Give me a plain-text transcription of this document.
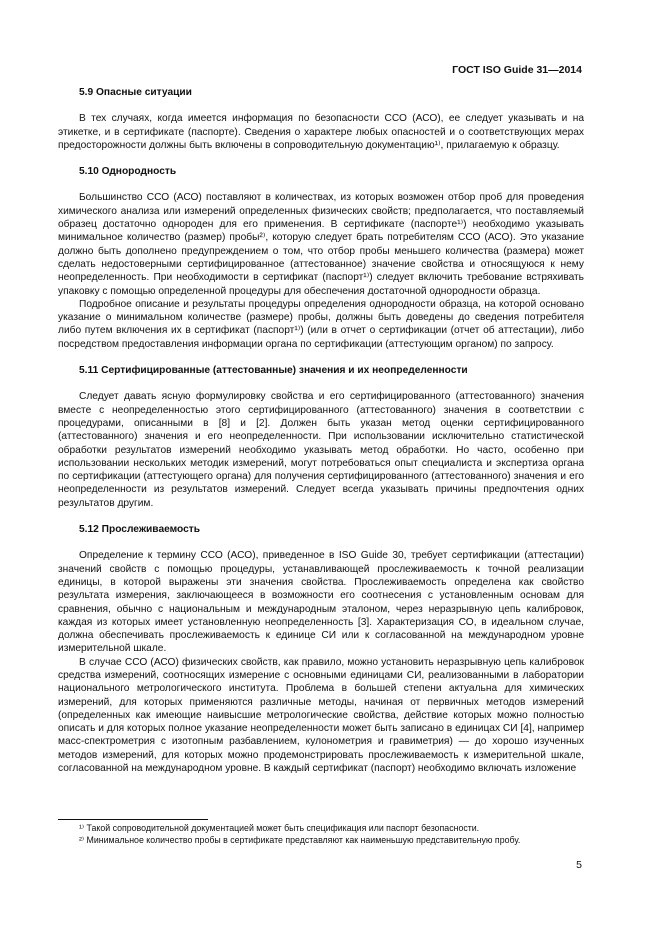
ГОСТ ISO Guide 31—2014
5.9 Опасные ситуации

В тех случаях, когда имеется информация по безопасности ССО (АСО), ее следует указывать и на этикетке, и в сертификате (паспорте). Сведения о характере любых опасностей и о соответствующих мерах предосторожности должны быть включены в сопроводительную документацию¹⁾, прилагаемую к образцу.

5.10 Однородность

Большинство ССО (АСО) поставляют в количествах, из которых возможен отбор проб для проведения химического анализа или измерений определенных физических свойств; предполагается, что поставляемый образец достаточно однороден для его применения. В сертификате (паспорте¹⁾) необходимо указывать минимальное количество (размер) пробы²⁾, которую следует брать потребителям ССО (АСО). Это указание должно быть дополнено предупреждением о том, что отбор пробы меньшего количества (размера) может сделать недостоверными сертифицированное (аттестованное) значение свойства и относящуюся к нему неопределенность. При необходимости в сертификат (паспорт¹⁾) следует включить требование встряхивать упаковку с помощью определенной процедуры для обеспечения достаточной однородности образца.

Подробное описание и результаты процедуры определения однородности образца, на которой основано указание о минимальном количестве (размере) пробы, должны быть доведены до сведения потребителя либо путем включения их в сертификат (паспорт¹⁾) (или в отчет о сертификации (отчет об аттестации), либо посредством предоставления информации органа по сертификации (аттестующим органом) по запросу.

5.11 Сертифицированные (аттестованные) значения и их неопределенности

Следует давать ясную формулировку свойства и его сертифицированного (аттестованного) значения вместе с неопределенностью этого сертифицированного (аттестованного) значения в соответствии с процедурами, описанными в [8] и [2]. Должен быть указан метод оценки сертифицированного (аттестованного) значения и его неопределенности. При использовании исключительно статистической обработки результатов измерений необходимо указывать метод обработки. Но часто, особенно при использовании нескольких методик измерений, могут потребоваться опыт специалиста и экспертиза органа по сертификации (аттестующего органа) для получения сертифицированного (аттестованного) значения и его неопределенности из результатов измерений. Следует всегда указывать причины предпочтения одних результатов другим.

5.12 Прослеживаемость

Определение к термину ССО (АСО), приведенное в ISO Guide 30, требует сертификации (аттестации) значений свойств с помощью процедуры, устанавливающей прослеживаемость к точной реализации единицы, в которой выражены эти значения свойства. Прослеживаемость определена как свойство результата измерения, заключающееся в возможности его соотнесения с установленным основам для сравнения, обычно с национальным и международным эталоном, через неразрывную цепь калибровок, каждая из которых имеет установленную неопределенность [3]. Характеризация СО, в идеальном случае, должна обеспечивать прослеживаемость к единице СИ или к согласованной на международном уровне измерительной шкале.

В случае ССО (АСО) физических свойств, как правило, можно установить неразрывную цепь калибровок средства измерений, соотносящих измерение с основными единицами СИ, реализованными в лаборатории национального метрологического института. Проблема в большей степени актуальна для химических измерений, для которых применяются различные методы, начиная от первичных методов измерений (определенных как имеющие наивысшие метрологические свойства, действие которых можно полностью описать и для которых полное указание неопределенности может быть записано в единицах СИ [4], например масс-спектрометрия с изотопным разбавлением, кулонометрия и гравиметрия) — до хорошо изученных методов измерений, для которых можно продемонстрировать прослеживаемость к измерительной шкале, согласованной на международном уровне. В каждый сертификат (паспорт) необходимо включать изложение

¹⁾ Такой сопроводительной документацией может быть спецификация или паспорт безопасности.

²⁾ Минимальное количество пробы в сертификате представляют как наименьшую представительную пробу.

5
